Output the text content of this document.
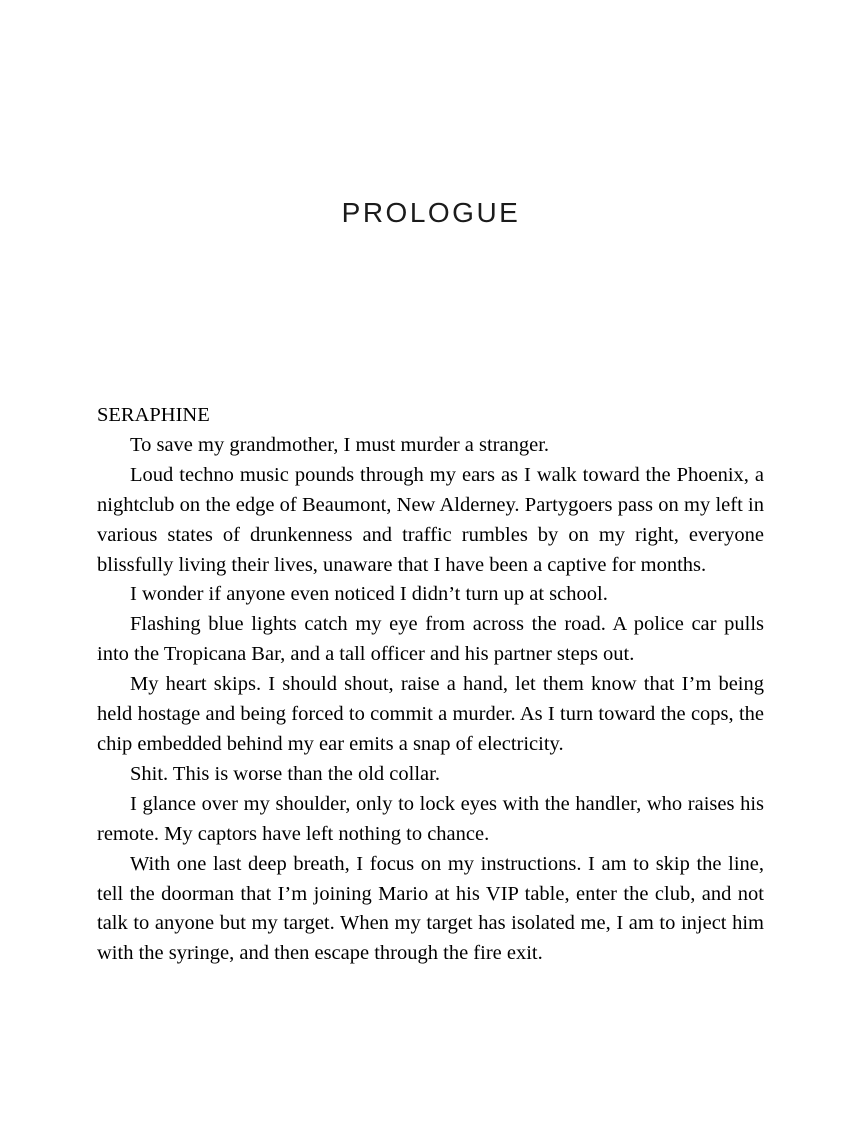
PROLOGUE

SERAPHINE

To save my grandmother, I must murder a stranger.

Loud techno music pounds through my ears as I walk toward the Phoenix, a nightclub on the edge of Beaumont, New Alderney. Partygoers pass on my left in various states of drunkenness and traffic rumbles by on my right, everyone blissfully living their lives, unaware that I have been a captive for months.

I wonder if anyone even noticed I didn’t turn up at school.

Flashing blue lights catch my eye from across the road. A police car pulls into the Tropicana Bar, and a tall officer and his partner steps out.

My heart skips. I should shout, raise a hand, let them know that I’m being held hostage and being forced to commit a murder. As I turn toward the cops, the chip embedded behind my ear emits a snap of electricity.

Shit. This is worse than the old collar.

I glance over my shoulder, only to lock eyes with the handler, who raises his remote. My captors have left nothing to chance.

With one last deep breath, I focus on my instructions. I am to skip the line, tell the doorman that I’m joining Mario at his VIP table, enter the club, and not talk to anyone but my target. When my target has isolated me, I am to inject him with the syringe, and then escape through the fire exit.
